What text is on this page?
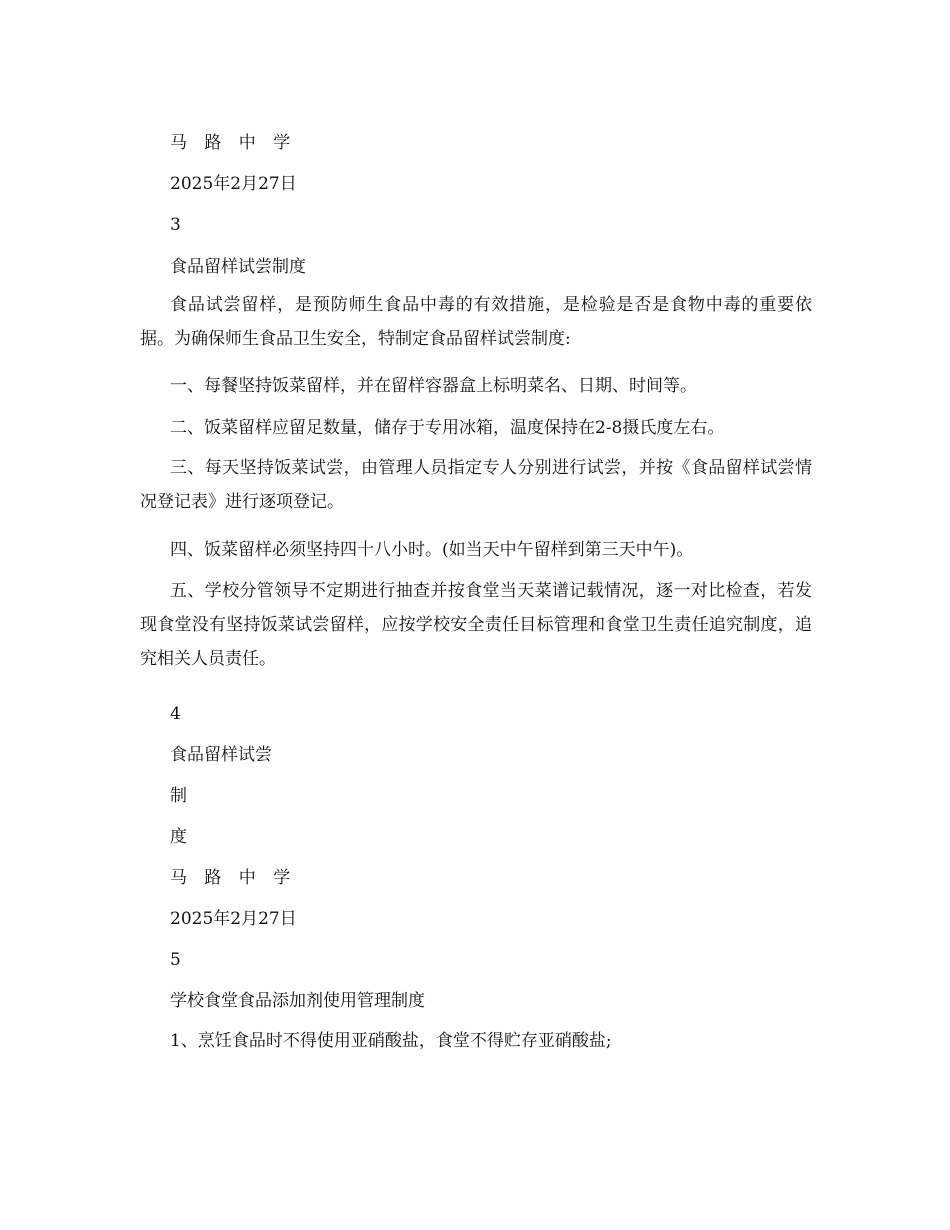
马 路 中 学

2025年2月27日

3

食品留样试尝制度

食品试尝留样，是预防师生食品中毒的有效措施，是检验是否是食物中毒的重要依据。为确保师生食品卫生安全，特制定食品留样试尝制度:

一、每餐坚持饭菜留样，并在留样容器盒上标明菜名、日期、时间等。

二、饭菜留样应留足数量，储存于专用冰箱，温度保持在2-8摄氏度左右。

三、每天坚持饭菜试尝，由管理人员指定专人分别进行试尝，并按《食品留样试尝情况登记表》进行逐项登记。

四、饭菜留样必须坚持四十八小时。(如当天中午留样到第三天中午)。

五、学校分管领导不定期进行抽查并按食堂当天菜谱记载情况，逐一对比检查，若发现食堂没有坚持饭菜试尝留样，应按学校安全责任目标管理和食堂卫生责任追究制度，追究相关人员责任。

4

食品留样试尝

制

度

马 路 中 学

2025年2月27日

5

学校食堂食品添加剂使用管理制度

1、烹饪食品时不得使用亚硝酸盐，食堂不得贮存亚硝酸盐;
